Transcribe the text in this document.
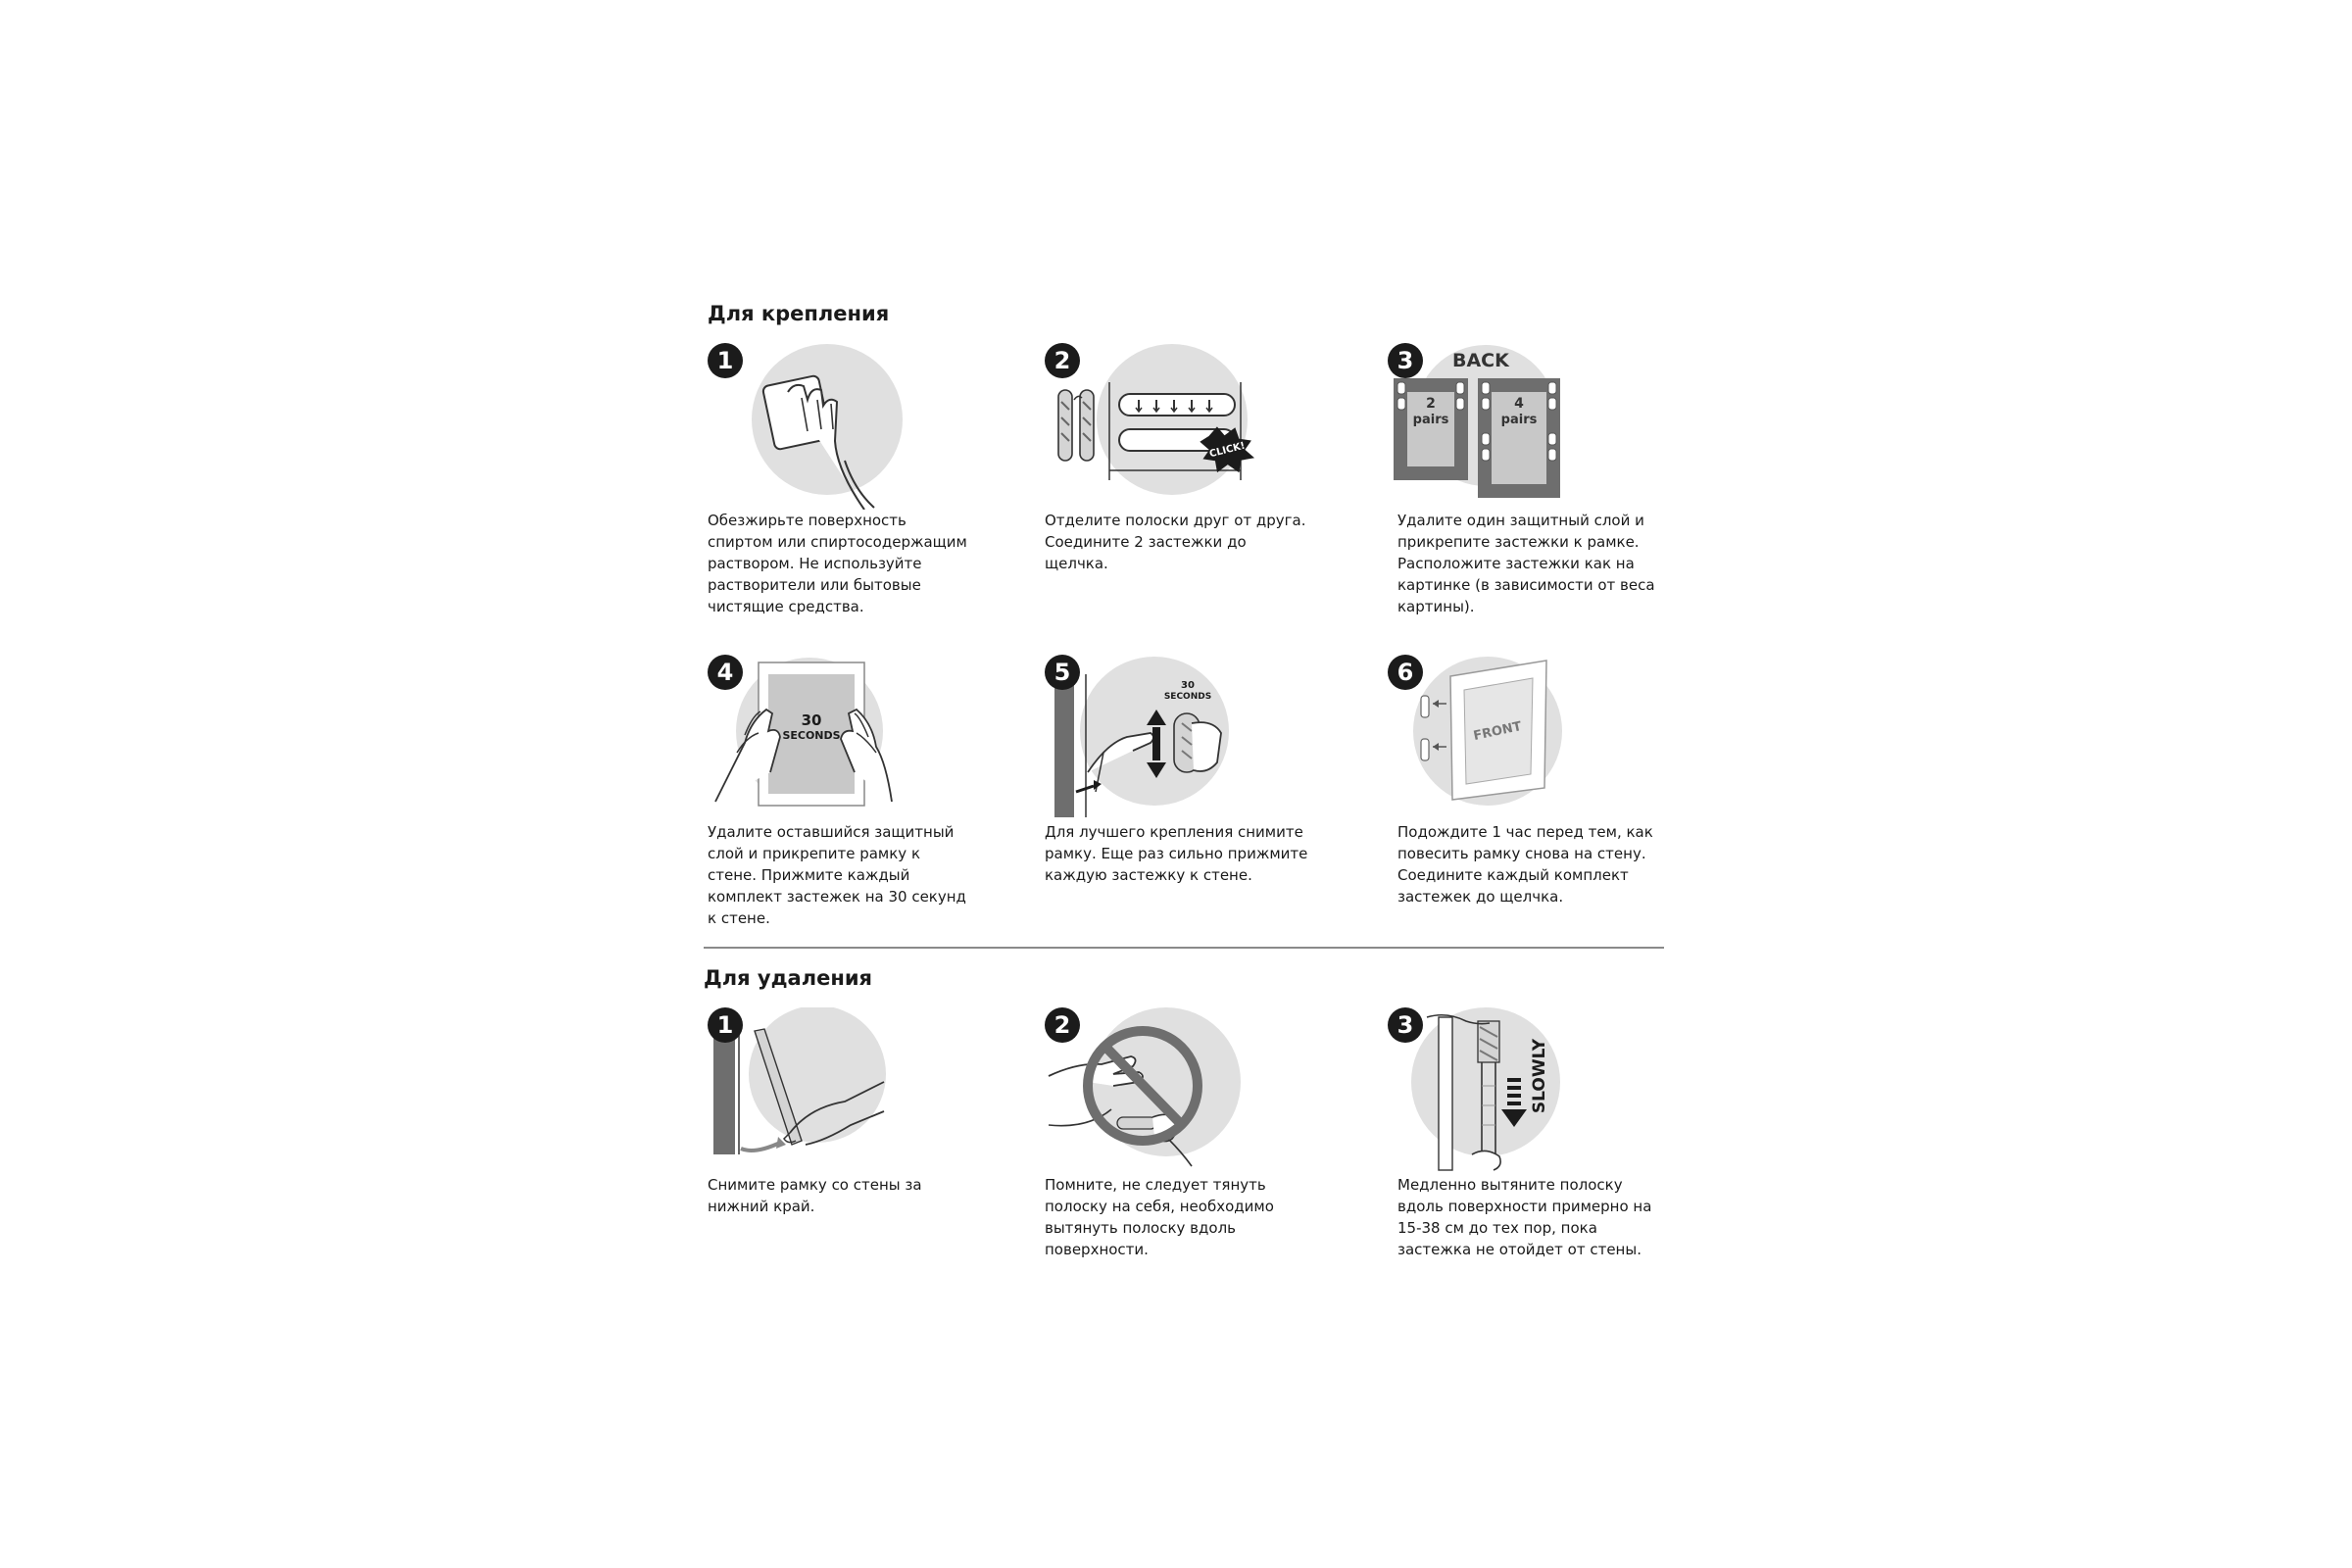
Для крепления
1

Обезжирьте поверхность спиртом или спиртосодержащим раствором. Не используйте растворители или бытовые чистящие средства.

CLICK!
2

Отделите полоски друг от друга. Соедините 2 застежки до щелчка.

BACK
2
pairs
4
pairs
3

Удалите один защитный слой и прикрепите застежки к рамке. Расположите застежки как на картинке (в зависимости от веса картины).

30
SECONDS
4

Удалите оставшийся защитный слой и прикрепите рамку к стене. Прижмите каждый комплект застежек на 30 секунд к стене.

30
SECONDS
5

Для лучшего крепления снимите рамку. Еще раз сильно прижмите каждую застежку к стене.

FRONT
6

Подождите 1 час перед тем, как повесить рамку снова на стену. Соедините каждый комплект застежек до щелчка.

Для удаления
1

Снимите рамку со стены за нижний край.

2

Помните, не следует тянуть полоску на себя, необходимо вытянуть полоску вдоль поверхности.

SLOWLY
3

Медленно вытяните полоску вдоль поверхности примерно на 15-38 см до тех пор, пока застежка не отойдет от стены.
